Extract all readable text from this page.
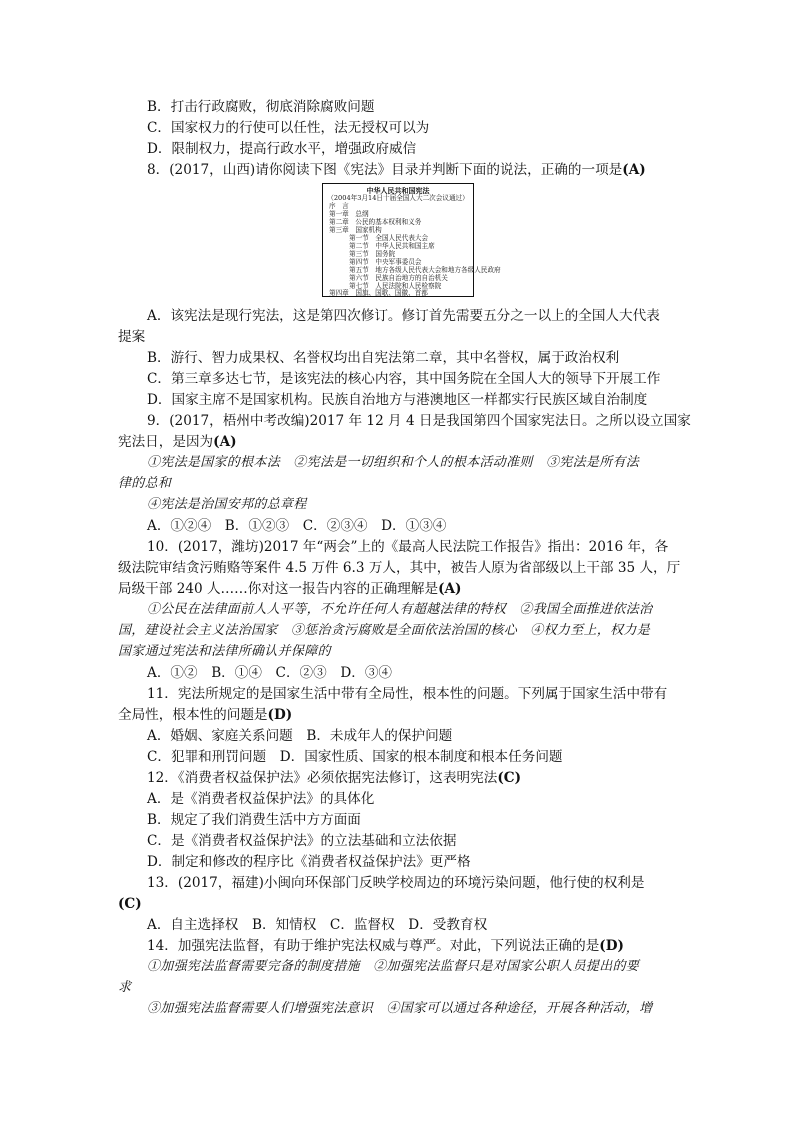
B．打击行政腐败，彻底消除腐败问题
C．国家权力的行使可以任性，法无授权可以为
D．限制权力，提高行政水平，增强政府威信
8．(2017，山西)请你阅读下图《宪法》目录并判断下面的说法，正确的一项是(A)
中华人民共和国宪法
（2004年3月14日十届全国人大二次会议通过）
序　言
第一章　总纲
第二章　公民的基本权利和义务
第三章　国家机构
第一节　全国人民代表大会
第二节　中华人民共和国主席
第三节　国务院
第四节　中央军事委员会
第五节　地方各级人民代表大会和地方各级人民政府
第六节　民族自治地方的自治机关
第七节　人民法院和人民检察院
第四章　国旗、国歌、国徽、首都
A．该宪法是现行宪法，这是第四次修订。修订首先需要五分之一以上的全国人大代表
提案
B．游行、智力成果权、名誉权均出自宪法第二章，其中名誉权，属于政治权利
C．第三章多达七节，是该宪法的核心内容，其中国务院在全国人大的领导下开展工作
D．国家主席不是国家机构。民族自治地方与港澳地区一样都实行民族区域自治制度
9．(2017，梧州中考改编)2017 年 12 月 4 日是我国第四个国家宪法日。之所以设立国家
宪法日，是因为(A)
①宪法是国家的根本法　②宪法是一切组织和个人的根本活动准则　③宪法是所有法
律的总和
④宪法是治国安邦的总章程
A．①②④　B．①②③　C．②③④　D．①③④
10．(2017，潍坊)2017 年“两会”上的《最高人民法院工作报告》指出：2016 年，各
级法院审结贪污贿赂等案件 4.5 万件 6.3 万人，其中，被告人原为省部级以上干部 35 人，厅
局级干部 240 人……你对这一报告内容的正确理解是(A)
①公民在法律面前人人平等，不允许任何人有超越法律的特权　②我国全面推进依法治
国，建设社会主义法治国家　③惩治贪污腐败是全面依法治国的核心　④权力至上，权力是
国家通过宪法和法律所确认并保障的
A．①②　B．①④　C．②③　D．③④
11．宪法所规定的是国家生活中带有全局性，根本性的问题。下列属于国家生活中带有
全局性，根本性的问题是(D)
A．婚姻、家庭关系问题　B．未成年人的保护问题
C．犯罪和刑罚问题　D．国家性质、国家的根本制度和根本任务问题
12．《消费者权益保护法》必须依据宪法修订，这表明宪法(C)
A．是《消费者权益保护法》的具体化
B．规定了我们消费生活中方方面面
C．是《消费者权益保护法》的立法基础和立法依据
D．制定和修改的程序比《消费者权益保护法》更严格
13．(2017，福建)小闽向环保部门反映学校周边的环境污染问题，他行使的权利是
(C)
A．自主选择权　B．知情权　C．监督权　D．受教育权
14．加强宪法监督，有助于维护宪法权威与尊严。对此，下列说法正确的是(D)
①加强宪法监督需要完备的制度措施　②加强宪法监督只是对国家公职人员提出的要
求
③加强宪法监督需要人们增强宪法意识　④国家可以通过各种途径，开展各种活动，增
